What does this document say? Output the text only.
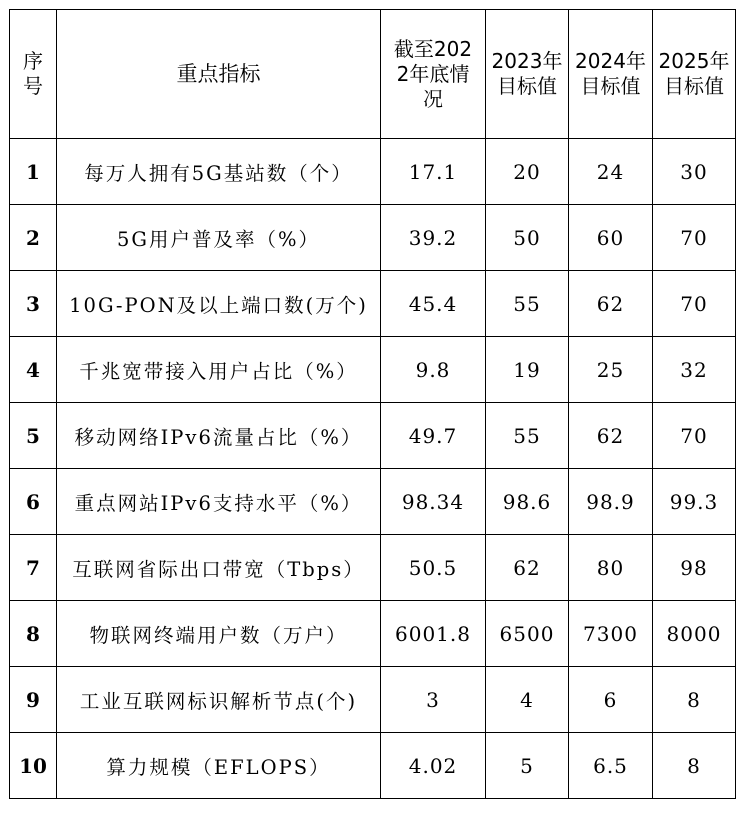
序号	重点指标	截至2022年底情况	2023年目标值	2024年目标值	2025年目标值
1	每万人拥有5G基站数（个）	17.1	20	24	30
2	5G用户普及率（%）	39.2	50	60	70
3	10G-PON及以上端口数(万个)	45.4	55	62	70
4	千兆宽带接入用户占比（%）	9.8	19	25	32
5	移动网络IPv6流量占比（%）	49.7	55	62	70
6	重点网站IPv6支持水平（%）	98.34	98.6	98.9	99.3
7	互联网省际出口带宽（Tbps）	50.5	62	80	98
8	物联网终端用户数（万户）	6001.8	6500	7300	8000
9	工业互联网标识解析节点(个)	3	4	6	8
10	算力规模（EFLOPS）	4.02	5	6.5	8
